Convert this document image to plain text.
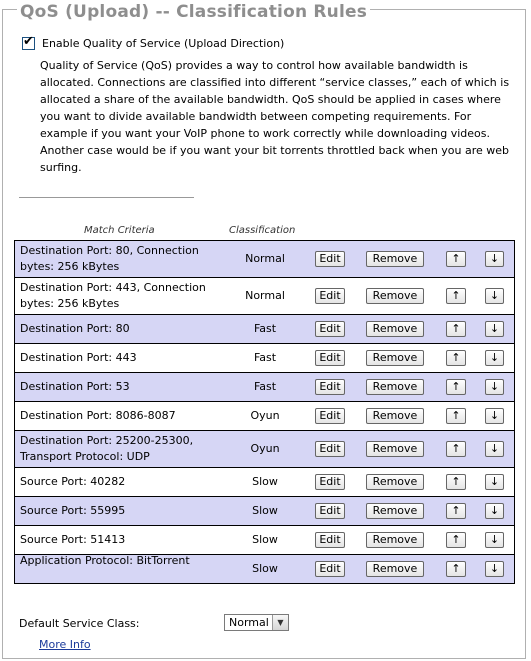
QoS (Upload) -- Classification Rules
✔ Enable Quality of Service (Upload Direction)

Quality of Service (QoS) provides a way to control how available bandwidth is allocated. Connections are classified into different “service classes,” each of which is allocated a share of the available bandwidth. QoS should be applied in cases where you want to divide available bandwidth between competing requirements. For example if you want your VoIP phone to work correctly while downloading videos. Another case would be if you want your bit torrents throttled back when you are web surfing.

Match Criteria	Classification
Destination Port: 80, Connection bytes: 256 kBytes
Normal	Edit	Remove	↑	↓
Destination Port: 443, Connection bytes: 256 kBytes
Normal	Edit	Remove	↑	↓
Destination Port: 80	Fast	Edit	Remove	↑	↓
Destination Port: 443	Fast	Edit	Remove	↑	↓
Destination Port: 53	Fast	Edit	Remove	↑	↓
Destination Port: 8086-8087	Oyun	Edit	Remove	↑	↓
Destination Port: 25200-25300, Transport Protocol: UDP
Oyun	Edit	Remove	↑	↓
Source Port: 40282	Slow	Edit	Remove	↑	↓
Source Port: 55995	Slow	Edit	Remove	↑	↓
Source Port: 51413	Slow	Edit	Remove	↑	↓
Application Protocol: BitTorrent
Slow	Edit	Remove	↑	↓
Default Service Class:	Normal	▼
More Info
